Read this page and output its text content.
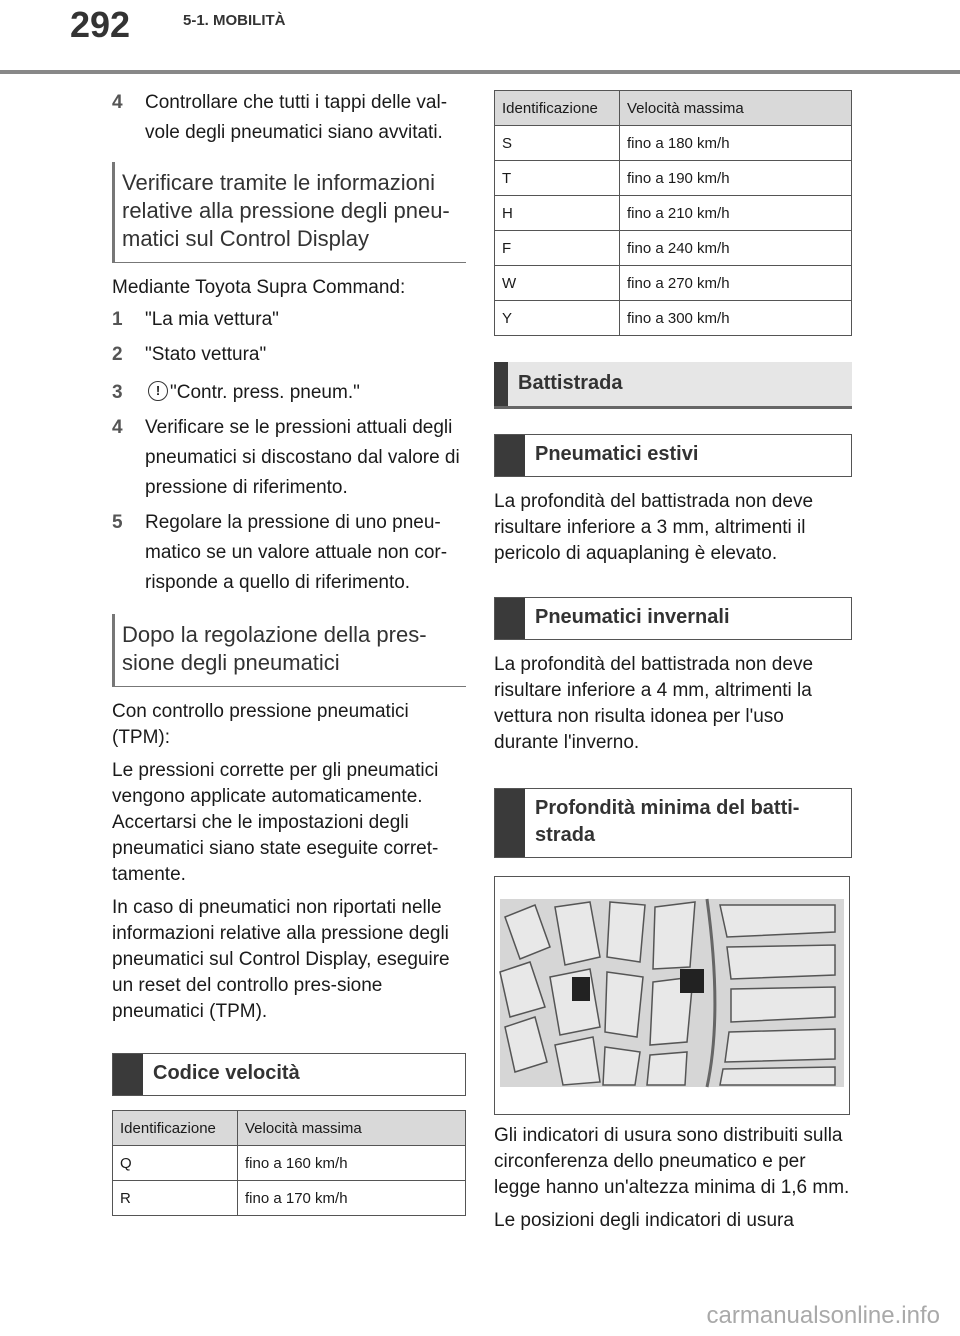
292	5-1. MOBILITÀ
4	Controllare che tutti i tappi delle val-vole degli pneumatici siano avvitati.
Verificare tramite le informazioni relative alla pressione degli pneu-matici sul Control Display

Mediante Toyota Supra Command:

1	"La mia vettura"
2	"Stato vettura"
3	! "Contr. press. pneum."
4	Verificare se le pressioni attuali degli pneumatici si discostano dal valore di pressione di riferimento.
5	Regolare la pressione di uno pneu-matico se un valore attuale non cor-risponde a quello di riferimento.
Dopo la regolazione della pres-sione degli pneumatici

Con controllo pressione pneumatici (TPM):

Le pressioni corrette per gli pneumatici vengono applicate automaticamente. Accertarsi che le impostazioni degli pneumatici siano state eseguite corret-tamente.

In caso di pneumatici non riportati nelle informazioni relative alla pressione degli pneumatici sul Control Display, eseguire un reset del controllo pres-sione pneumatici (TPM).

Codice velocità
Identificazione	Velocità massima
Q	fino a 160 km/h
R	fino a 170 km/h
Identificazione	Velocità massima
S	fino a 180 km/h
T	fino a 190 km/h
H	fino a 210 km/h
F	fino a 240 km/h
W	fino a 270 km/h
Y	fino a 300 km/h
Battistrada
Pneumatici estivi

La profondità del battistrada non deve risultare inferiore a 3 mm, altrimenti il pericolo di aquaplaning è elevato.

Pneumatici invernali

La profondità del battistrada non deve risultare inferiore a 4 mm, altrimenti la vettura non risulta idonea per l'uso durante l'inverno.

Profondità minima del batti-strada

Gli indicatori di usura sono distribuiti sulla circonferenza dello pneumatico e per legge hanno un'altezza minima di 1,6 mm.

Le posizioni degli indicatori di usura

carmanualsonline.info
